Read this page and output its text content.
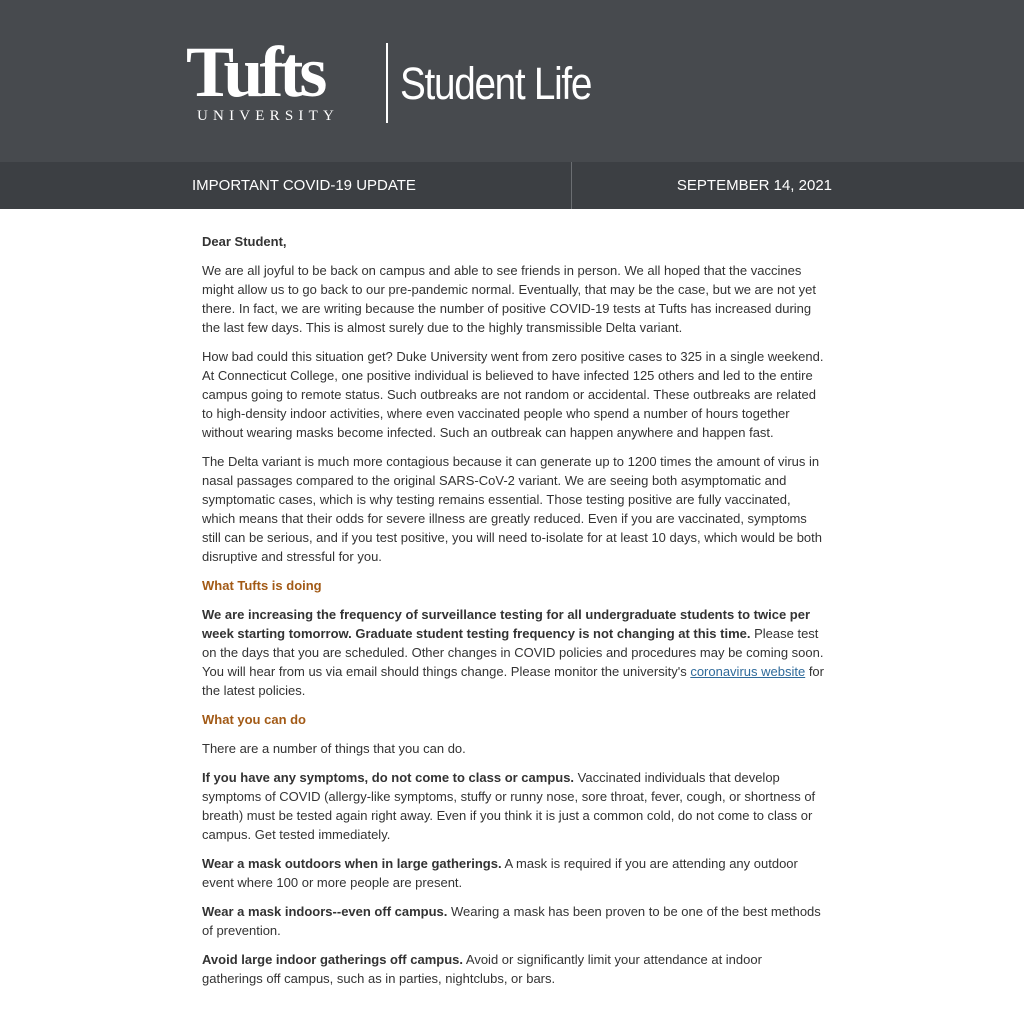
Tufts
UNIVERSITY
Student Life
IMPORTANT COVID-19 UPDATE	SEPTEMBER 14, 2021

Dear Student,

We are all joyful to be back on campus and able to see friends in person. We all hoped that the vaccines might allow us to go back to our pre-pandemic normal. Eventually, that may be the case, but we are not yet there. In fact, we are writing because the number of positive COVID-19 tests at Tufts has increased during the last few days. This is almost surely due to the highly transmissible Delta variant.

How bad could this situation get? Duke University went from zero positive cases to 325 in a single weekend. At Connecticut College, one positive individual is believed to have infected 125 others and led to the entire campus going to remote status. Such outbreaks are not random or accidental. These outbreaks are related to high-density indoor activities, where even vaccinated people who spend a number of hours together without wearing masks become infected. Such an outbreak can happen anywhere and happen fast.

The Delta variant is much more contagious because it can generate up to 1200 times the amount of virus in nasal passages compared to the original SARS-CoV-2 variant. We are seeing both asymptomatic and symptomatic cases, which is why testing remains essential. Those testing positive are fully vaccinated, which means that their odds for severe illness are greatly reduced. Even if you are vaccinated, symptoms still can be serious, and if you test positive, you will need to-isolate for at least 10 days, which would be both disruptive and stressful for you.

What Tufts is doing

We are increasing the frequency of surveillance testing for all undergraduate students to twice per week starting tomorrow. Graduate student testing frequency is not changing at this time. Please test on the days that you are scheduled. Other changes in COVID policies and procedures may be coming soon. You will hear from us via email should things change. Please monitor the university's coronavirus website for the latest policies.

What you can do

There are a number of things that you can do.

If you have any symptoms, do not come to class or campus. Vaccinated individuals that develop symptoms of COVID (allergy-like symptoms, stuffy or runny nose, sore throat, fever, cough, or shortness of breath) must be tested again right away. Even if you think it is just a common cold, do not come to class or campus. Get tested immediately.

Wear a mask outdoors when in large gatherings. A mask is required if you are attending any outdoor event where 100 or more people are present.

Wear a mask indoors--even off campus. Wearing a mask has been proven to be one of the best methods of prevention.

Avoid large indoor gatherings off campus. Avoid or significantly limit your attendance at indoor gatherings off campus, such as in parties, nightclubs, or bars.
